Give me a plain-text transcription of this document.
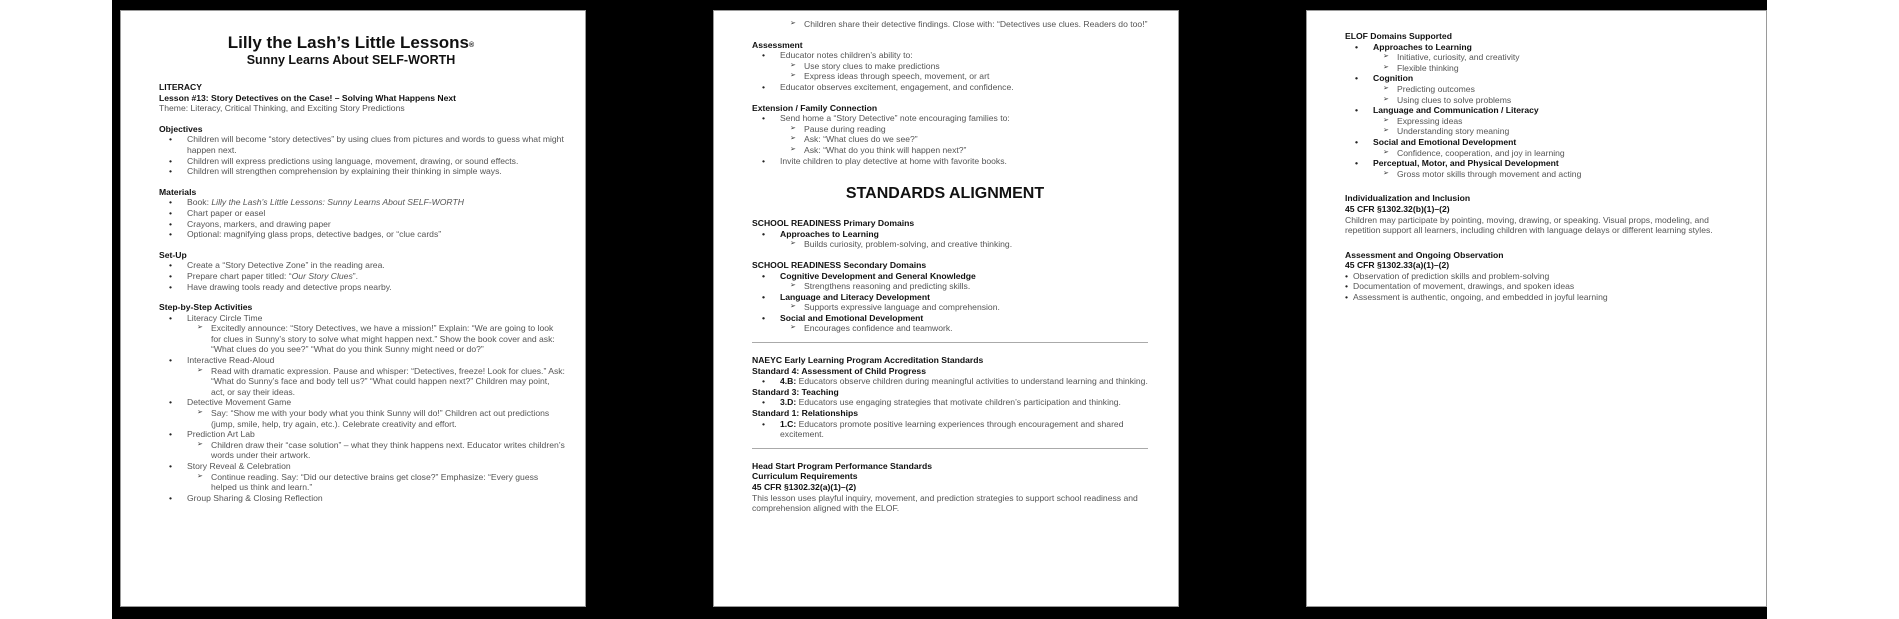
Lilly the Lash’s Little Lessons®
Sunny Learns About SELF-WORTH
LITERACY
Lesson #13: Story Detectives on the Case! – Solving What Happens Next
Theme: Literacy, Critical Thinking, and Exciting Story Predictions
Objectives
• Children will become “story detectives” by using clues from pictures and words to guess what might happen next.
• Children will express predictions using language, movement, drawing, or sound effects.
• Children will strengthen comprehension by explaining their thinking in simple ways.
Materials
• Book: Lilly the Lash’s Little Lessons: Sunny Learns About SELF-WORTH
• Chart paper or easel
• Crayons, markers, and drawing paper
• Optional: magnifying glass props, detective badges, or “clue cards”
Set-Up
• Create a “Story Detective Zone” in the reading area.
• Prepare chart paper titled: “Our Story Clues”.
• Have drawing tools ready and detective props nearby.
Step-by-Step Activities
• Literacy Circle Time
➢ Excitedly announce: “Story Detectives, we have a mission!” Explain: “We are going to look for clues in Sunny’s story to solve what might happen next.” Show the book cover and ask: “What clues do you see?” “What do you think Sunny might need or do?”
• Interactive Read-Aloud
➢ Read with dramatic expression. Pause and whisper: “Detectives, freeze! Look for clues.” Ask: “What do Sunny’s face and body tell us?” “What could happen next?” Children may point, act, or say their ideas.
• Detective Movement Game
➢ Say: “Show me with your body what you think Sunny will do!” Children act out predictions (jump, smile, help, try again, etc.). Celebrate creativity and effort.
• Prediction Art Lab
➢ Children draw their “case solution” – what they think happens next. Educator writes children’s words under their artwork.
• Story Reveal & Celebration
➢ Continue reading. Say: “Did our detective brains get close?” Emphasize: “Every guess helped us think and learn.”
• Group Sharing & Closing Reflection
➢ Children share their detective findings. Close with: “Detectives use clues. Readers do too!”
Assessment
• Educator notes children’s ability to:
➢ Use story clues to make predictions
➢ Express ideas through speech, movement, or art
• Educator observes excitement, engagement, and confidence.
Extension / Family Connection
• Send home a “Story Detective” note encouraging families to:
➢ Pause during reading
➢ Ask: “What clues do we see?”
➢ Ask: “What do you think will happen next?”
• Invite children to play detective at home with favorite books.
STANDARDS ALIGNMENT
SCHOOL READINESS Primary Domains
• Approaches to Learning
➢ Builds curiosity, problem-solving, and creative thinking.
SCHOOL READINESS Secondary Domains
• Cognitive Development and General Knowledge
➢ Strengthens reasoning and predicting skills.
• Language and Literacy Development
➢ Supports expressive language and comprehension.
• Social and Emotional Development
➢ Encourages confidence and teamwork.
NAEYC Early Learning Program Accreditation Standards
Standard 4: Assessment of Child Progress
• 4.B: Educators observe children during meaningful activities to understand learning and thinking.
Standard 3: Teaching
• 3.D: Educators use engaging strategies that motivate children’s participation and thinking.
Standard 1: Relationships
• 1.C: Educators promote positive learning experiences through encouragement and shared excitement.
Head Start Program Performance Standards
Curriculum Requirements
45 CFR §1302.32(a)(1)–(2)
This lesson uses playful inquiry, movement, and prediction strategies to support school readiness and comprehension aligned with the ELOF.
ELOF Domains Supported
• Approaches to Learning
➢ Initiative, curiosity, and creativity
➢ Flexible thinking
• Cognition
➢ Predicting outcomes
➢ Using clues to solve problems
• Language and Communication / Literacy
➢ Expressing ideas
➢ Understanding story meaning
• Social and Emotional Development
➢ Confidence, cooperation, and joy in learning
• Perceptual, Motor, and Physical Development
➢ Gross motor skills through movement and acting
Individualization and Inclusion
45 CFR §1302.32(b)(1)–(2)
Children may participate by pointing, moving, drawing, or speaking. Visual props, modeling, and repetition support all learners, including children with language delays or different learning styles.
Assessment and Ongoing Observation
45 CFR §1302.33(a)(1)–(2)
• Observation of prediction skills and problem-solving
• Documentation of movement, drawings, and spoken ideas
• Assessment is authentic, ongoing, and embedded in joyful learning
